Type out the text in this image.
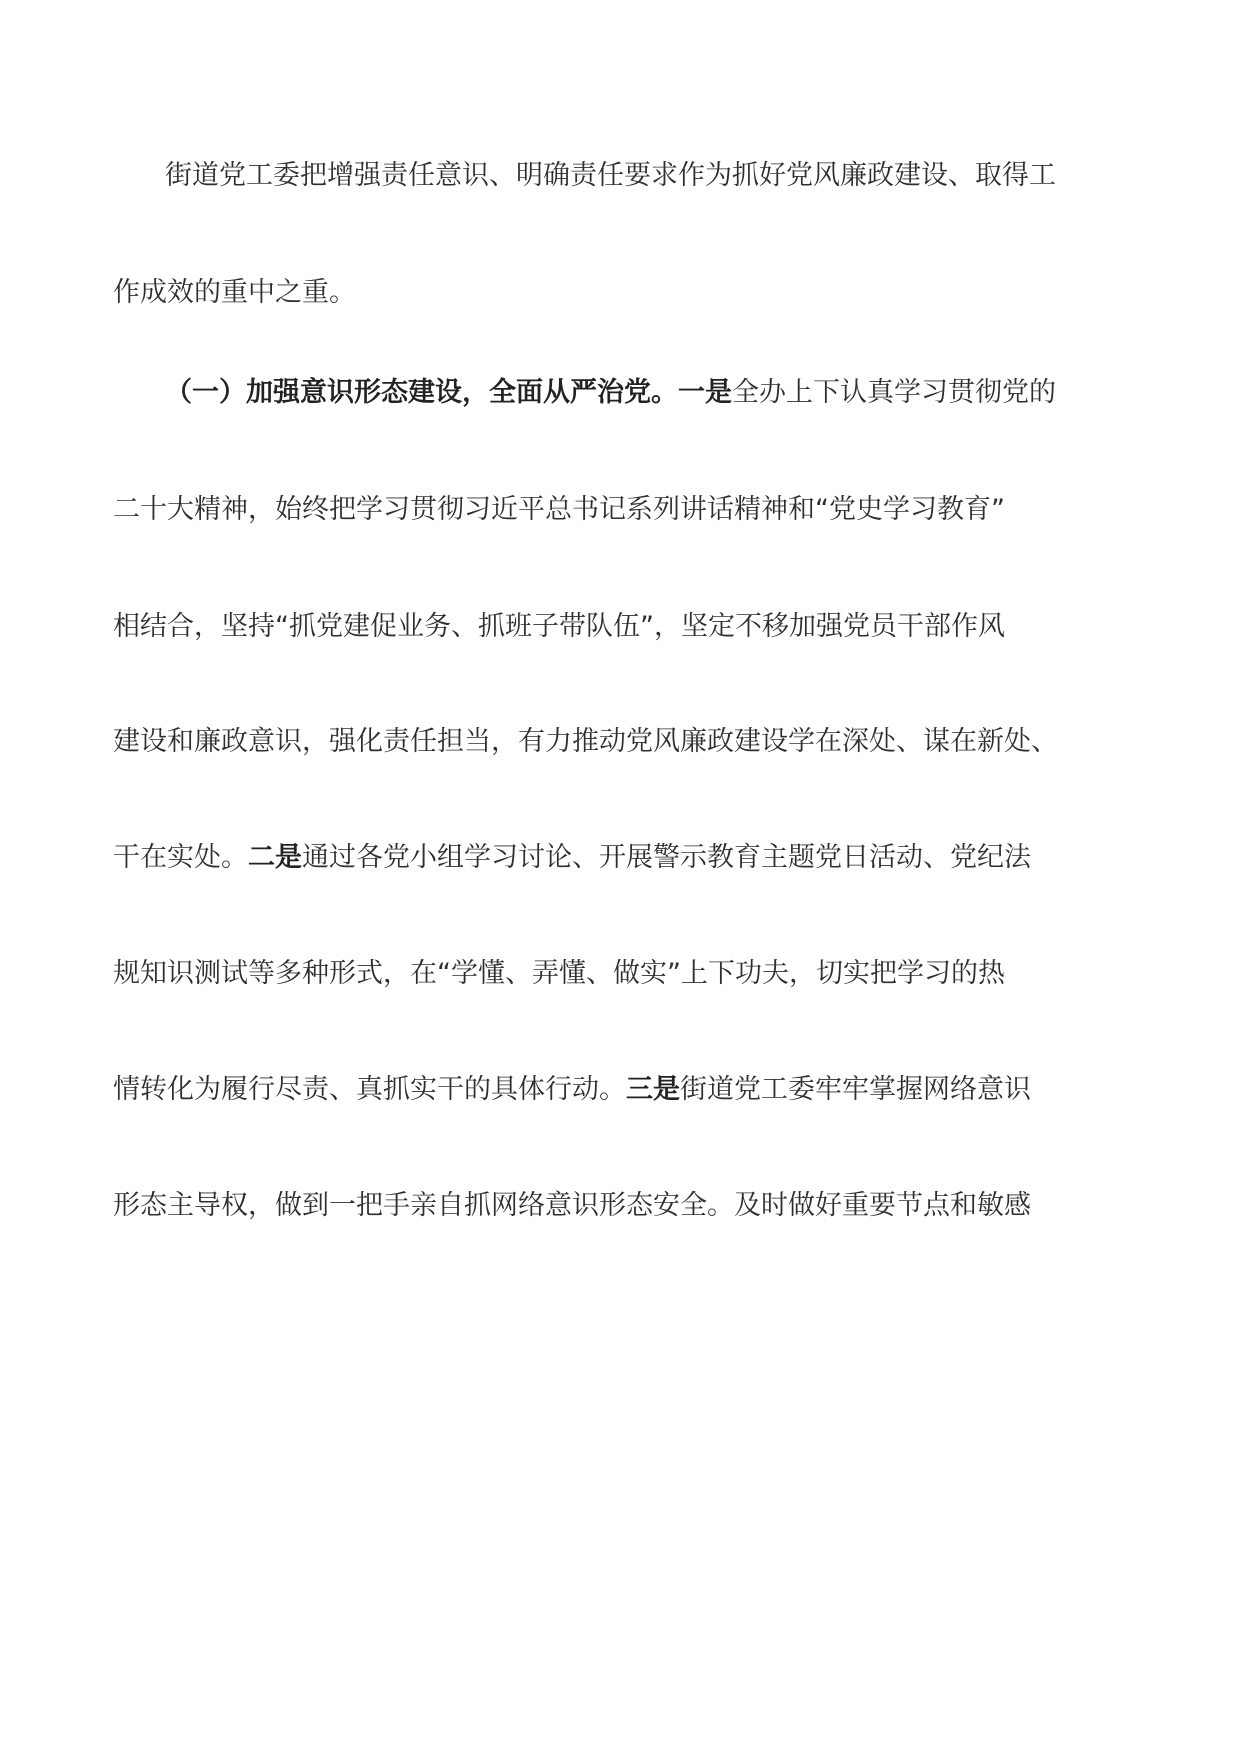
街道党工委把增强责任意识、明确责任要求作为抓好党风廉政建设、取得工
作成效的重中之重。
（一）加强意识形态建设，全面从严治党。一是全办上下认真学习贯彻党的
二十大精神，始终把学习贯彻习近平总书记系列讲话精神和“党史学习教育”
相结合，坚持“抓党建促业务、抓班子带队伍”，坚定不移加强党员干部作风
建设和廉政意识，强化责任担当，有力推动党风廉政建设学在深处、谋在新处、
干在实处。二是通过各党小组学习讨论、开展警示教育主题党日活动、党纪法
规知识测试等多种形式，在“学懂、弄懂、做实”上下功夫，切实把学习的热
情转化为履行尽责、真抓实干的具体行动。三是街道党工委牢牢掌握网络意识
形态主导权，做到一把手亲自抓网络意识形态安全。及时做好重要节点和敏感
